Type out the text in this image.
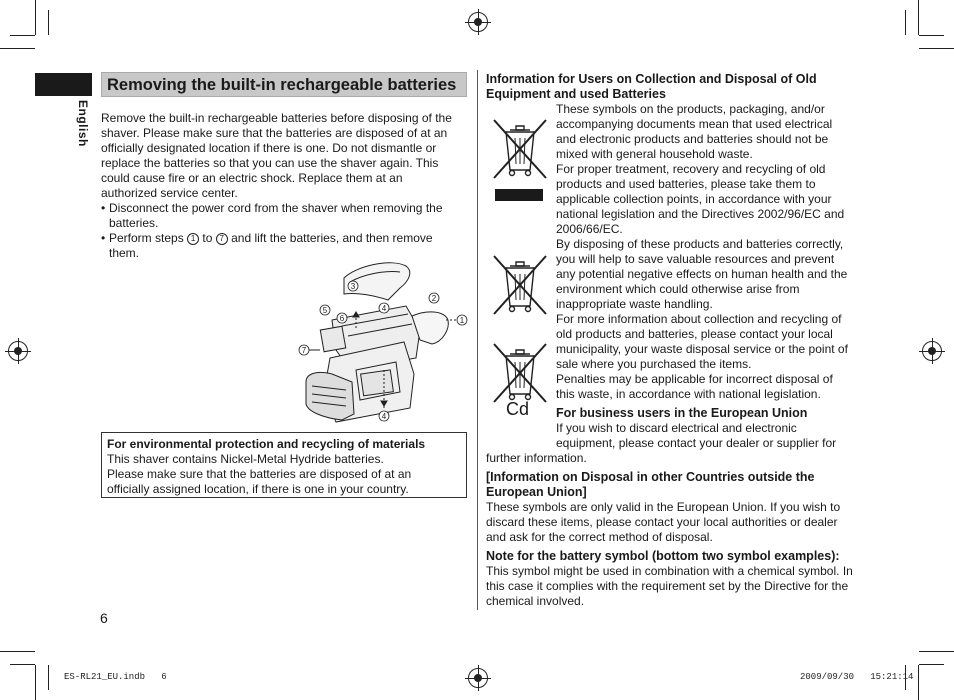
English
Removing the built-in rechargeable batteries

Remove the built-in rechargeable batteries before disposing of the

shaver. Please make sure that the batteries are disposed of at an

officially designated location if there is one. Do not dismantle or

replace the batteries so that you can use the shaver again. This

could cause fire or an electric shock. Replace them at an

authorized service center.

• Disconnect the power cord from the shaver when removing the

batteries.

• Perform steps 1 to 7 and lift the batteries, and then remove

them.

1
2
3
4
5
6
7
4

For environmental protection and recycling of materials

This shaver contains Nickel-Metal Hydride batteries.

Please make sure that the batteries are disposed of at an

officially assigned location, if there is one in your country.

6

Information for Users on Collection and Disposal of Old

Equipment and used Batteries

These symbols on the products, packaging, and/or

accompanying documents mean that used electrical

and electronic products and batteries should not be

mixed with general household waste.

For proper treatment, recovery and recycling of old

products and used batteries, please take them to

applicable collection points, in accordance with your

national legislation and the Directives 2002/96/EC and

2006/66/EC.

By disposing of these products and batteries correctly,

you will help to save valuable resources and prevent

any potential negative effects on human health and the

environment which could otherwise arise from

inappropriate waste handling.

For more information about collection and recycling of

old products and batteries, please contact your local

municipality, your waste disposal service or the point of

sale where you purchased the items.

Penalties may be applicable for incorrect disposal of

this waste, in accordance with national legislation.

Cd For business users in the European Union

If you wish to discard electrical and electronic

equipment, please contact your dealer or supplier for

further information.

[Information on Disposal in other Countries outside the

European Union]

These symbols are only valid in the European Union. If you wish to

discard these items, please contact your local authorities or dealer

and ask for the correct method of disposal.

Note for the battery symbol (bottom two symbol examples):

This symbol might be used in combination with a chemical symbol. In

this case it complies with the requirement set by the Directive for the

chemical involved.

ES-RL21_EU.indb   6	2009/09/30   15:21:14
